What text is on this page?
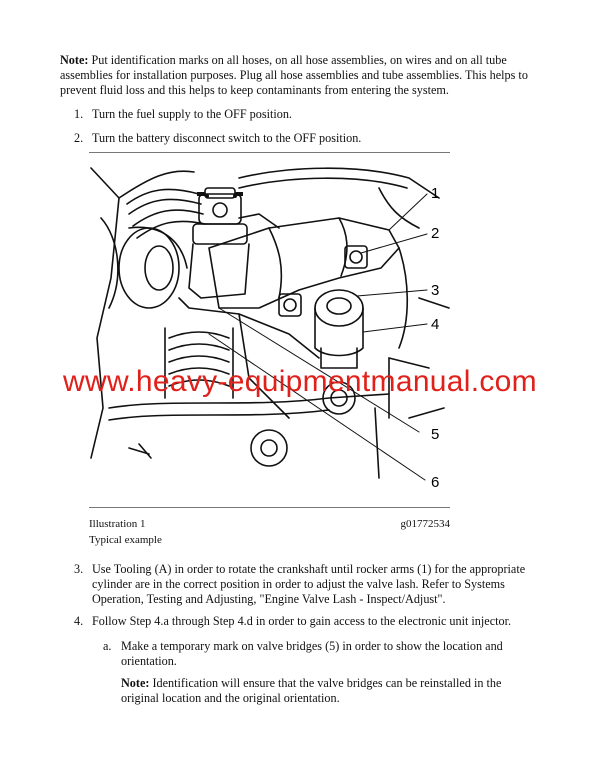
Note: Put identification marks on all hoses, on all hose assemblies, on wires and on all tube assemblies for installation purposes. Plug all hose assemblies and tube assemblies. This helps to prevent fluid loss and this helps to keep contaminants from entering the system.
1. Turn the fuel supply to the OFF position.
2. Turn the battery disconnect switch to the OFF position.
1
2
3
4
5
6
www.heavy-equipmentmanual.com
Illustration 1	g01772534
Typical example
3. Use Tooling (A) in order to rotate the crankshaft until rocker arms (1) for the appropriate cylinder are in the correct position in order to adjust the valve lash. Refer to Systems Operation, Testing and Adjusting, "Engine Valve Lash - Inspect/Adjust".
4. Follow Step 4.a through Step 4.d in order to gain access to the electronic unit injector.
a. Make a temporary mark on valve bridges (5) in order to show the location and orientation.
Note: Identification will ensure that the valve bridges can be reinstalled in the original location and the original orientation.
